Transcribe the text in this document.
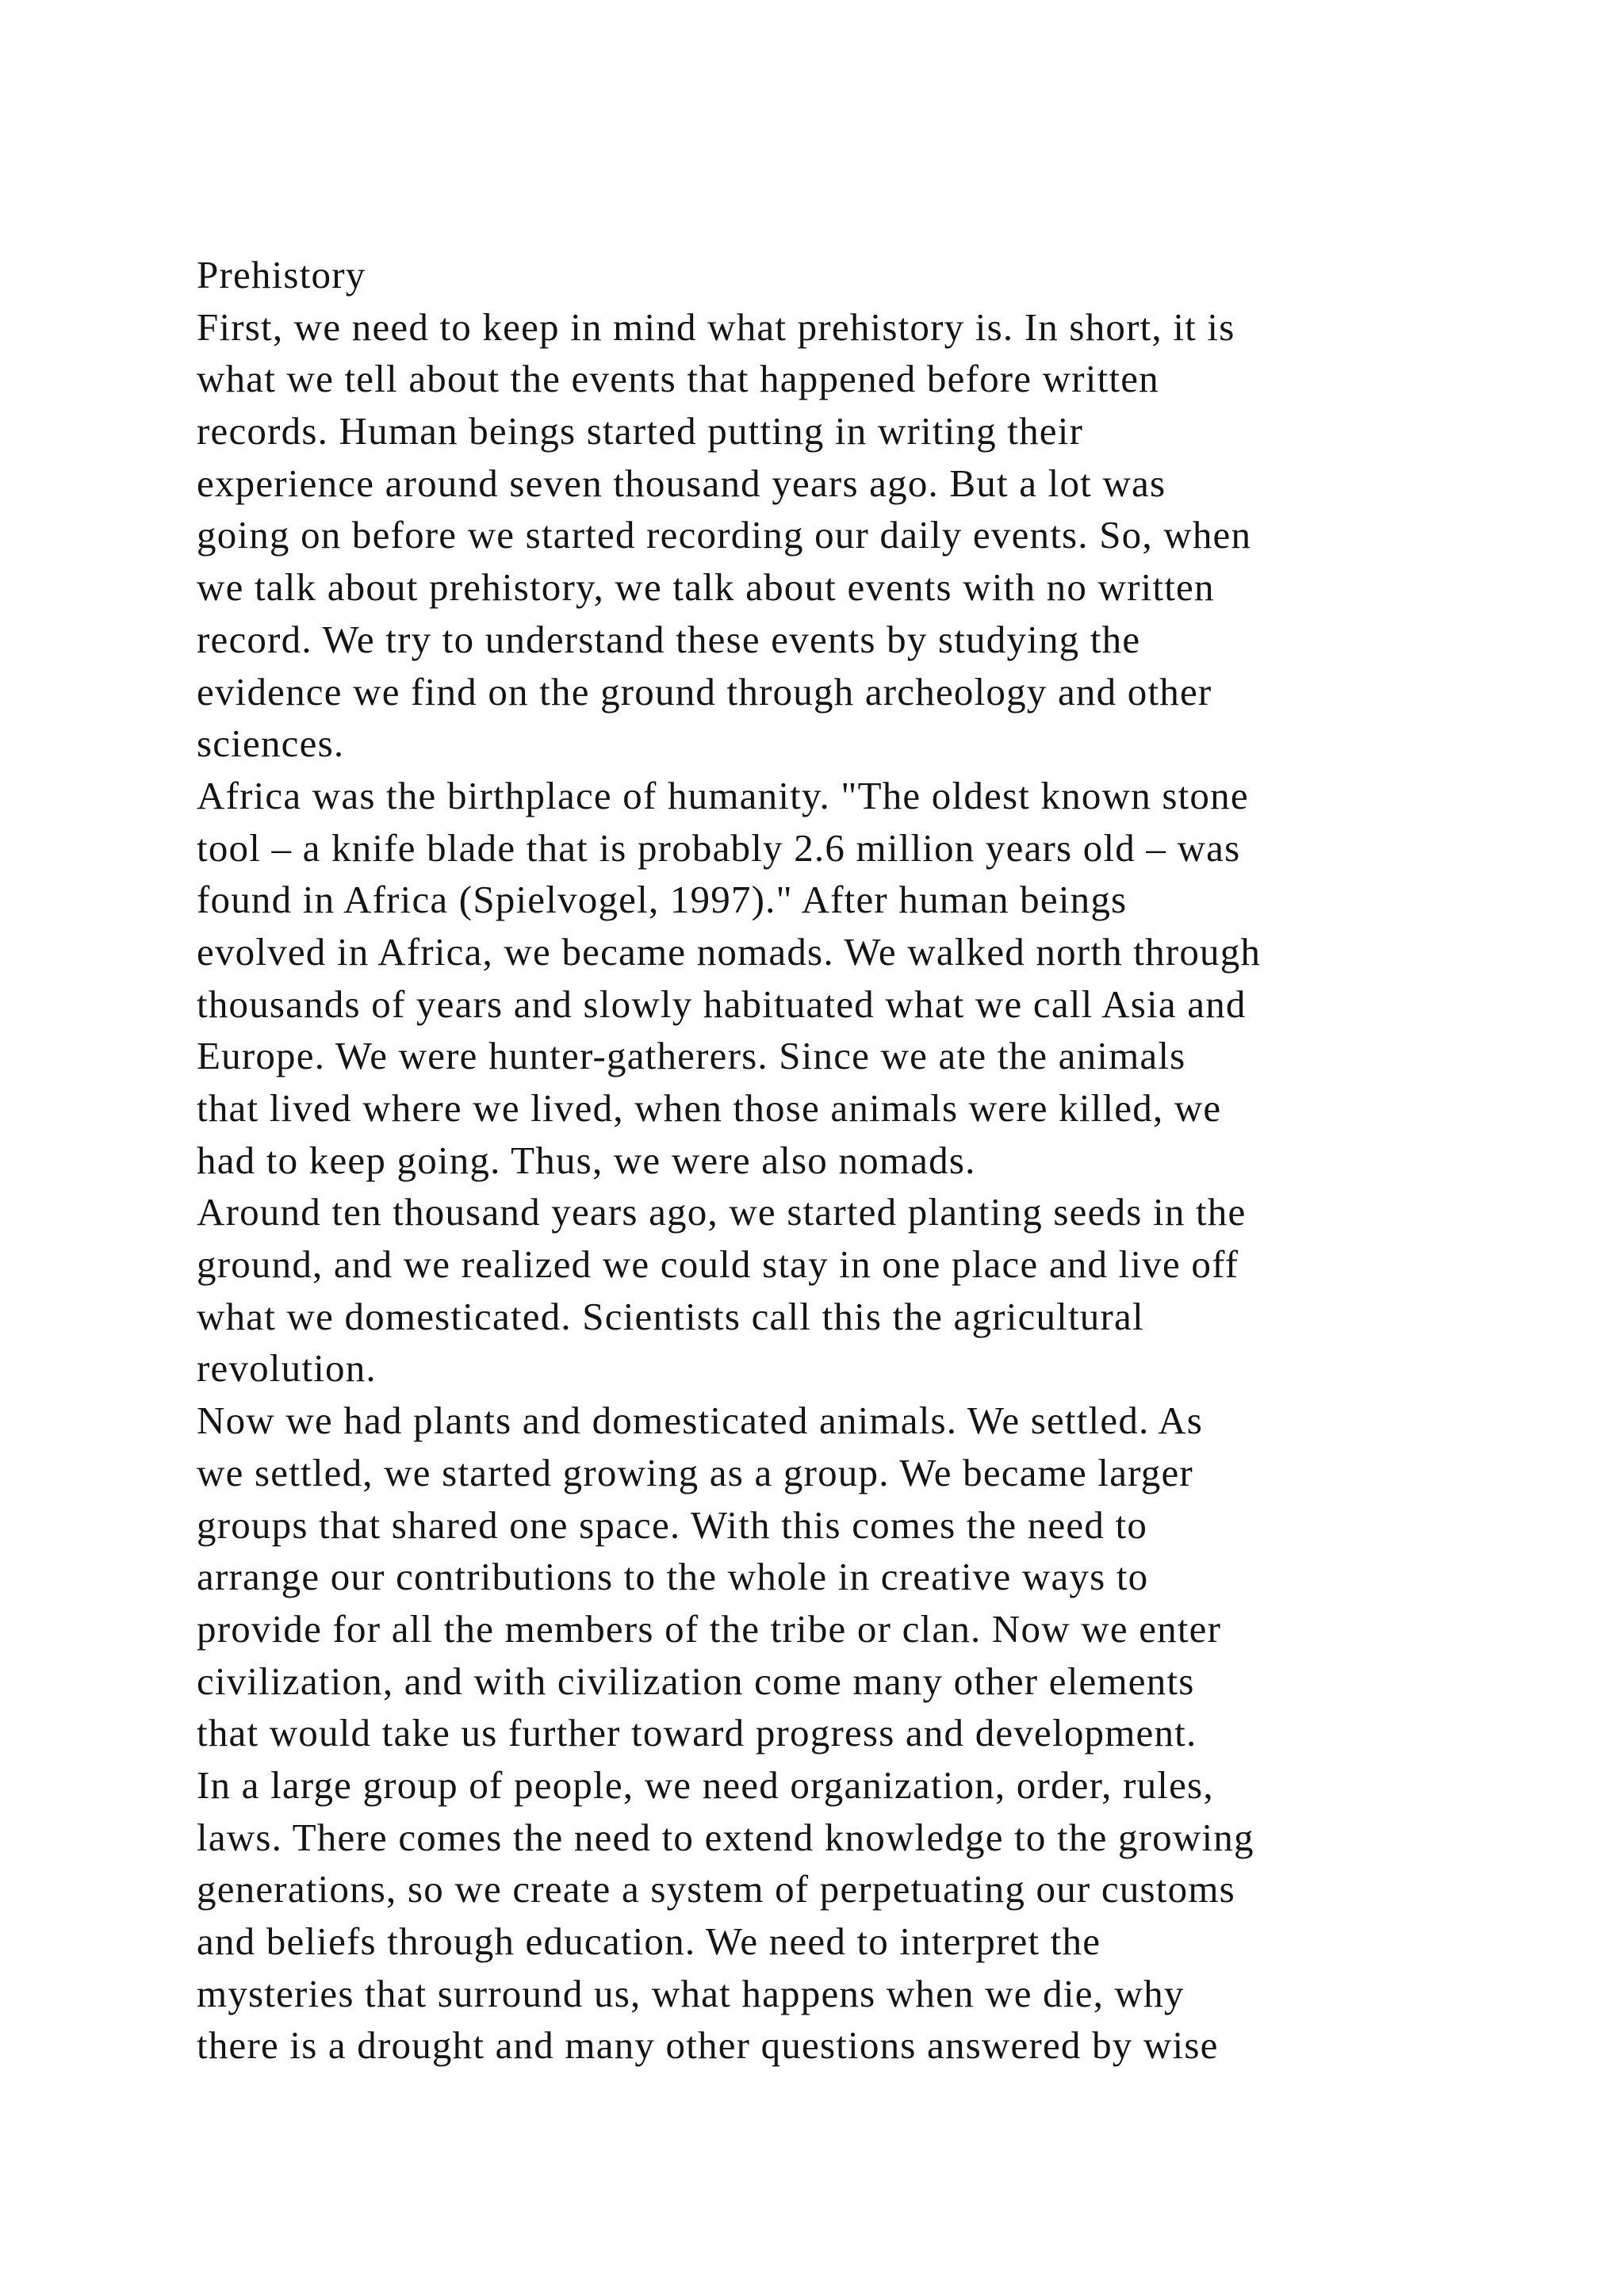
Prehistory
First, we need to keep in mind what prehistory is. In short, it is
what we tell about the events that happened before written
records. Human beings started putting in writing their
experience around seven thousand years ago. But a lot was
going on before we started recording our daily events. So, when
we talk about prehistory, we talk about events with no written
record. We try to understand these events by studying the
evidence we find on the ground through archeology and other
sciences.
Africa was the birthplace of humanity. "The oldest known stone
tool – a knife blade that is probably 2.6 million years old – was
found in Africa (Spielvogel, 1997)." After human beings
evolved in Africa, we became nomads. We walked north through
thousands of years and slowly habituated what we call Asia and
Europe. We were hunter-gatherers. Since we ate the animals
that lived where we lived, when those animals were killed, we
had to keep going. Thus, we were also nomads.
Around ten thousand years ago, we started planting seeds in the
ground, and we realized we could stay in one place and live off
what we domesticated. Scientists call this the agricultural
revolution.
Now we had plants and domesticated animals. We settled. As
we settled, we started growing as a group. We became larger
groups that shared one space. With this comes the need to
arrange our contributions to the whole in creative ways to
provide for all the members of the tribe or clan. Now we enter
civilization, and with civilization come many other elements
that would take us further toward progress and development.
In a large group of people, we need organization, order, rules,
laws. There comes the need to extend knowledge to the growing
generations, so we create a system of perpetuating our customs
and beliefs through education. We need to interpret the
mysteries that surround us, what happens when we die, why
there is a drought and many other questions answered by wise
